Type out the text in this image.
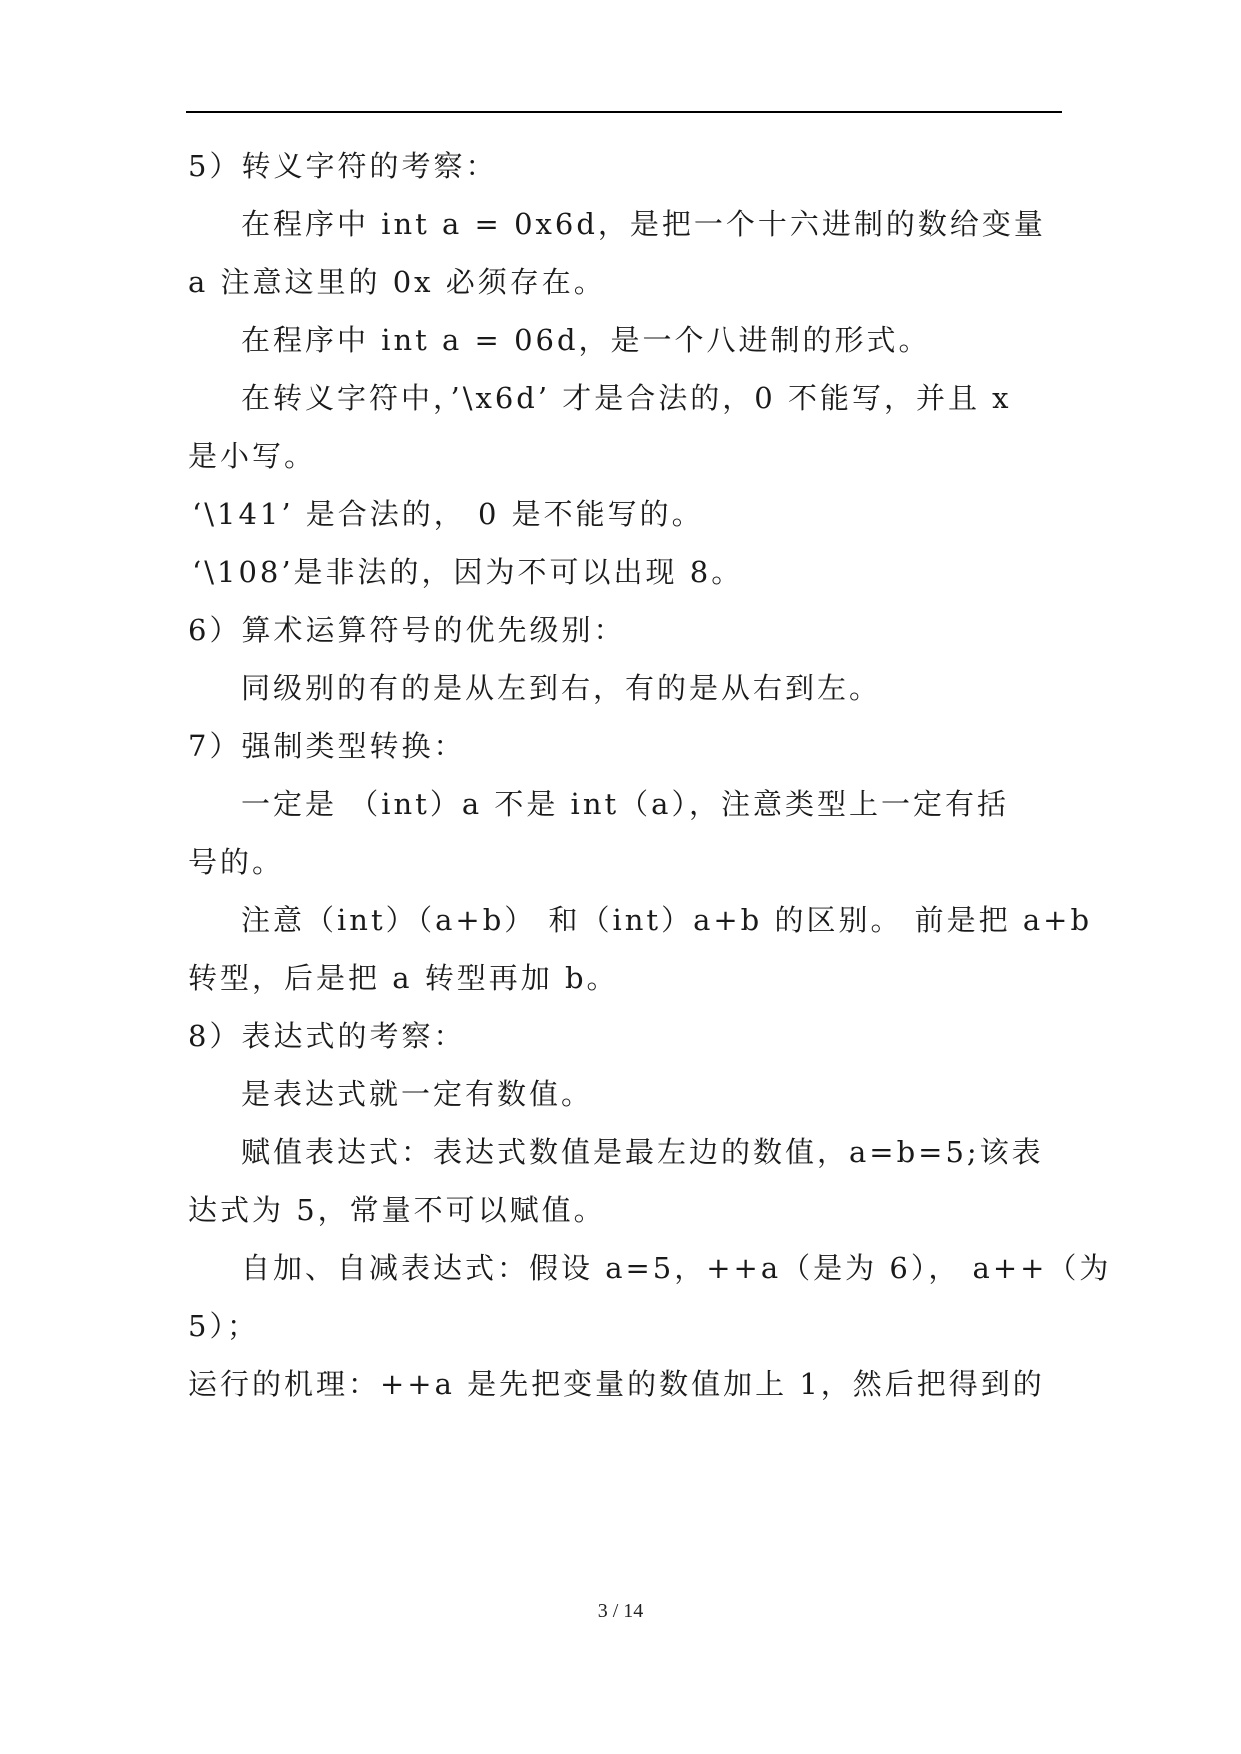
5）转义字符的考察：
在程序中 int a = 0x6d，是把一个十六进制的数给变量
a 注意这里的 0x 必须存在。
在程序中 int a = 06d，是一个八进制的形式。
在转义字符中，’\x6d’ 才是合法的，0 不能写，并且 x
是小写。
‘\141’ 是合法的， 0 是不能写的。
‘\108’是非法的，因为不可以出现 8。
6）算术运算符号的优先级别：
同级别的有的是从左到右，有的是从右到左。
7）强制类型转换：
一定是 （int）a 不是 int（a），注意类型上一定有括
号的。
注意（int）（a+b） 和（int）a+b 的区别。 前是把 a+b
转型，后是把 a 转型再加 b。
8）表达式的考察：
是表达式就一定有数值。
赋值表达式：表达式数值是最左边的数值，a=b=5;该表
达式为 5，常量不可以赋值。
自加、自减表达式：假设 a=5，++a（是为 6）， a++（为
5）；
运行的机理：++a 是先把变量的数值加上 1，然后把得到的
3 / 14
